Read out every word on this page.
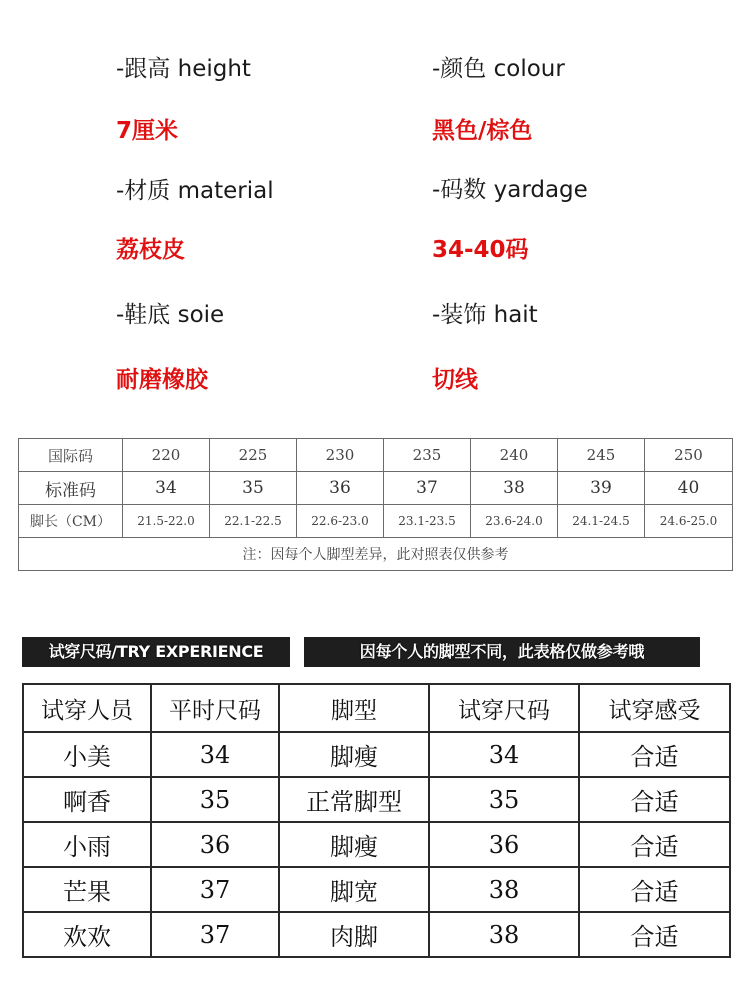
-跟高 height
7厘米
-颜色 colour
黑色/棕色
-材质 material
荔枝皮
-码数 yardage
34-40码
-鞋底 soie
耐磨橡胶
-装饰 hait
切线
国际码	220	225	230	235	240	245	250
标准码	34	35	36	37	38	39	40
脚长（CM）	21.5-22.0	22.1-22.5	22.6-23.0	23.1-23.5	23.6-24.0	24.1-24.5	24.6-25.0
注：因每个人脚型差异，此对照表仅供参考							
试穿尺码/TRY EXPERIENCE	因每个人的脚型不同，此表格仅做参考哦
试穿人员	平时尺码	脚型	试穿尺码	试穿感受
小美	34	脚瘦	34	合适
啊香	35	正常脚型	35	合适
小雨	36	脚瘦	36	合适
芒果	37	脚宽	38	合适
欢欢	37	肉脚	38	合适
